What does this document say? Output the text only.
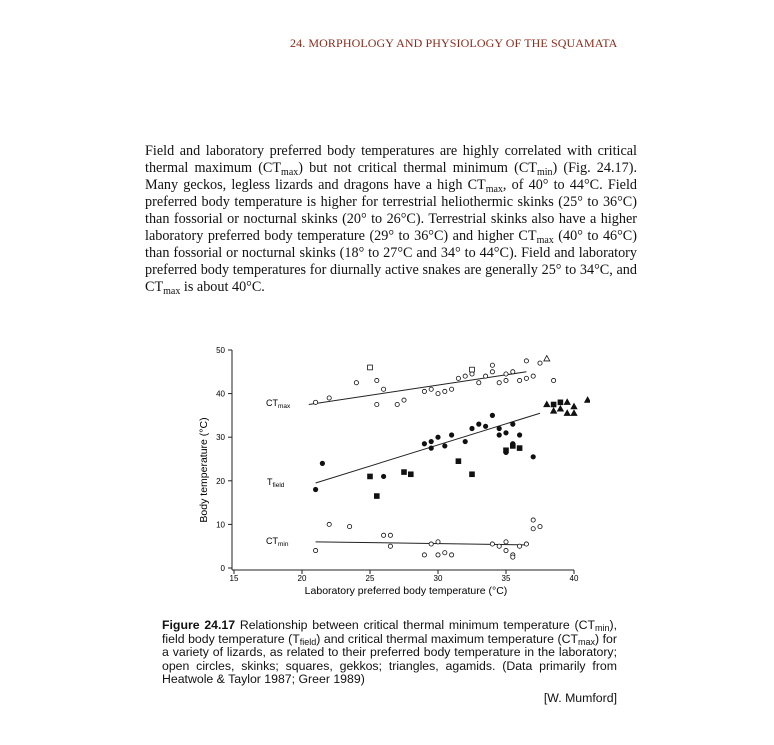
24. MORPHOLOGY AND PHYSIOLOGY OF THE SQUAMATA
Field and laboratory preferred body temperatures are highly correlated with critical thermal maximum $(CT_{max})$ but not critical thermal minimum $(CT_{min})$ (Fig. 24.17). Many geckos, legless lizards and dragons have a high $CT_{max}$, of 40° to 44°C. Field preferred body temperature is higher for terrestrial heliothermic skinks (25° to 36°C) than fossorial or nocturnal skinks (20° to 26°C). Terrestrial skinks also have a higher laboratory preferred body temperature (29° to 36°C) and higher $CT_{max}$ (40° to 46°C) than fossorial or nocturnal skinks (18° to 27°C and 34° to 44°C). Field and laboratory preferred body temperatures for diurnally active snakes are generally 25° to 34°C, and $CT_{max}$ is about 40°C.
0
10
20
30
40
50
15	20	25	30	35	40
Body temperature (°C)
Laboratory preferred body temperature (°C)
$CT_{max}$
$T_{field}$
$CT_{min}$
Figure 24.17 Relationship between critical thermal minimum temperature $(CT_{min})$, field body temperature $(T_{field})$ and critical thermal maximum temperature $(CT_{max})$ for a variety of lizards, as related to their preferred body temperature in the laboratory; open circles, skinks; squares, gekkos; triangles, agamids. (Data primarily from Heatwole & Taylor 1987; Greer 1989)
[W. Mumford]
